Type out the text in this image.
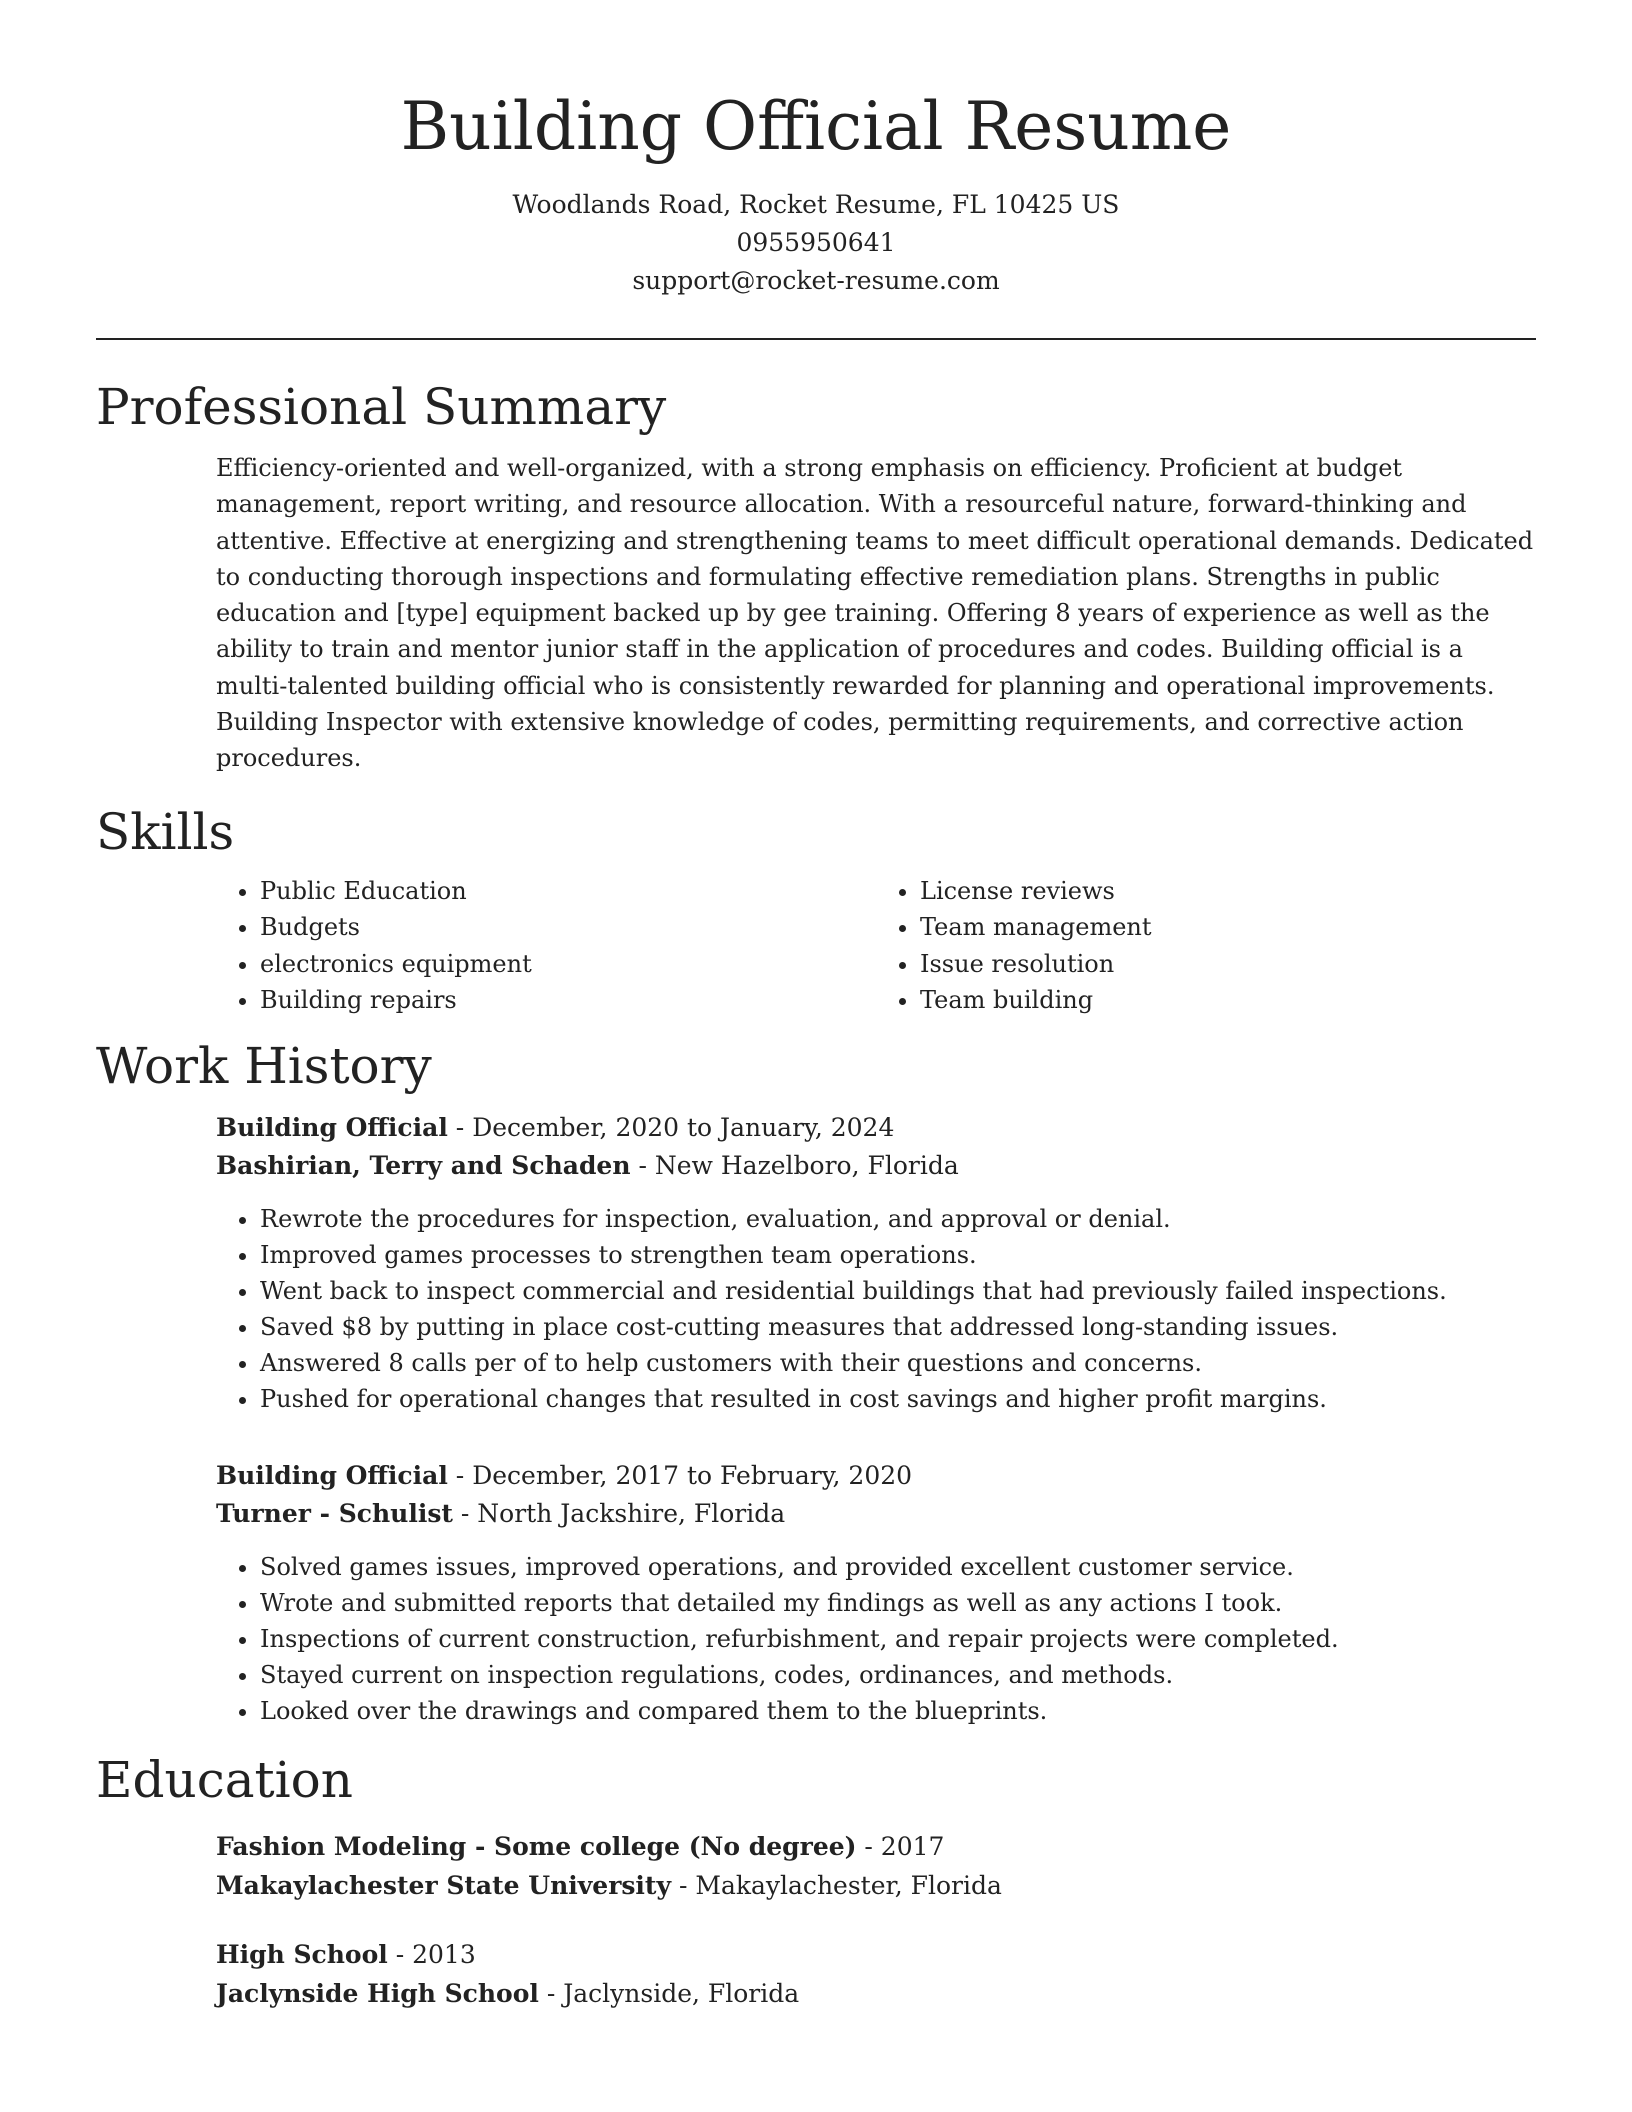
Building Official Resume
Woodlands Road, Rocket Resume, FL 10425 US
0955950641
support@rocket-resume.com
Professional Summary

Efficiency-oriented and well-organized, with a strong emphasis on efficiency. Proficient at budget management, report writing, and resource allocation. With a resourceful nature, forward-thinking and attentive. Effective at energizing and strengthening teams to meet difficult operational demands. Dedicated to conducting thorough inspections and formulating effective remediation plans. Strengths in public education and [type] equipment backed up by gee training. Offering 8 years of experience as well as the ability to train and mentor junior staff in the application of procedures and codes. Building official is a multi-talented building official who is consistently rewarded for planning and operational improvements. Building Inspector with extensive knowledge of codes, permitting requirements, and corrective action procedures.

Skills
• Public Education
• Budgets
• electronics equipment
• Building repairs
• License reviews
• Team management
• Issue resolution
• Team building
Work History
Building Official - December, 2020 to January, 2024
Bashirian, Terry and Schaden - New Hazelboro, Florida
• Rewrote the procedures for inspection, evaluation, and approval or denial.
• Improved games processes to strengthen team operations.
• Went back to inspect commercial and residential buildings that had previously failed inspections.
• Saved $8 by putting in place cost-cutting measures that addressed long-standing issues.
• Answered 8 calls per of to help customers with their questions and concerns.
• Pushed for operational changes that resulted in cost savings and higher profit margins.
Building Official - December, 2017 to February, 2020
Turner - Schulist - North Jackshire, Florida
• Solved games issues, improved operations, and provided excellent customer service.
• Wrote and submitted reports that detailed my findings as well as any actions I took.
• Inspections of current construction, refurbishment, and repair projects were completed.
• Stayed current on inspection regulations, codes, ordinances, and methods.
• Looked over the drawings and compared them to the blueprints.
Education
Fashion Modeling - Some college (No degree) - 2017
Makaylachester State University - Makaylachester, Florida
High School - 2013
Jaclynside High School - Jaclynside, Florida
